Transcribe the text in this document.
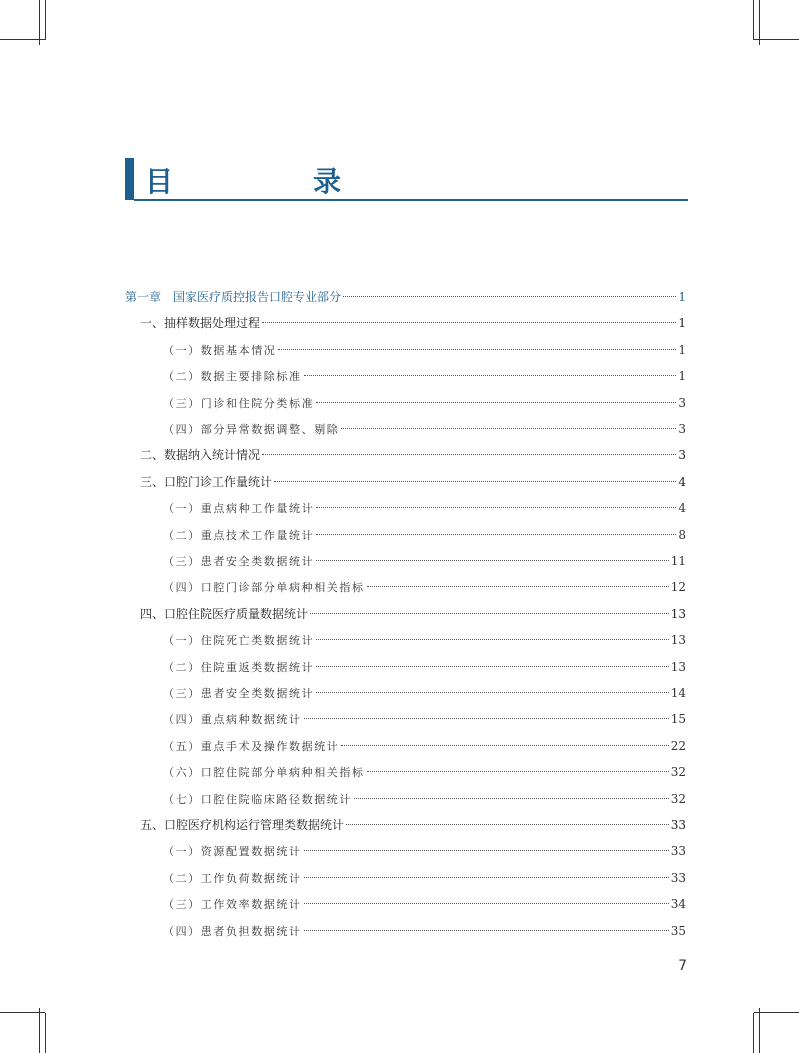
目　录
第一章　国家医疗质控报告口腔专业部分	1
一、抽样数据处理过程	1
（一）数据基本情况	1
（二）数据主要排除标准	1
（三）门诊和住院分类标准	3
（四）部分异常数据调整、剔除	3
二、数据纳入统计情况	3
三、口腔门诊工作量统计	4
（一）重点病种工作量统计	4
（二）重点技术工作量统计	8
（三）患者安全类数据统计	11
（四）口腔门诊部分单病种相关指标	12
四、口腔住院医疗质量数据统计	13
（一）住院死亡类数据统计	13
（二）住院重返类数据统计	13
（三）患者安全类数据统计	14
（四）重点病种数据统计	15
（五）重点手术及操作数据统计	22
（六）口腔住院部分单病种相关指标	32
（七）口腔住院临床路径数据统计	32
五、口腔医疗机构运行管理类数据统计	33
（一）资源配置数据统计	33
（二）工作负荷数据统计	33
（三）工作效率数据统计	34
（四）患者负担数据统计	35
7
